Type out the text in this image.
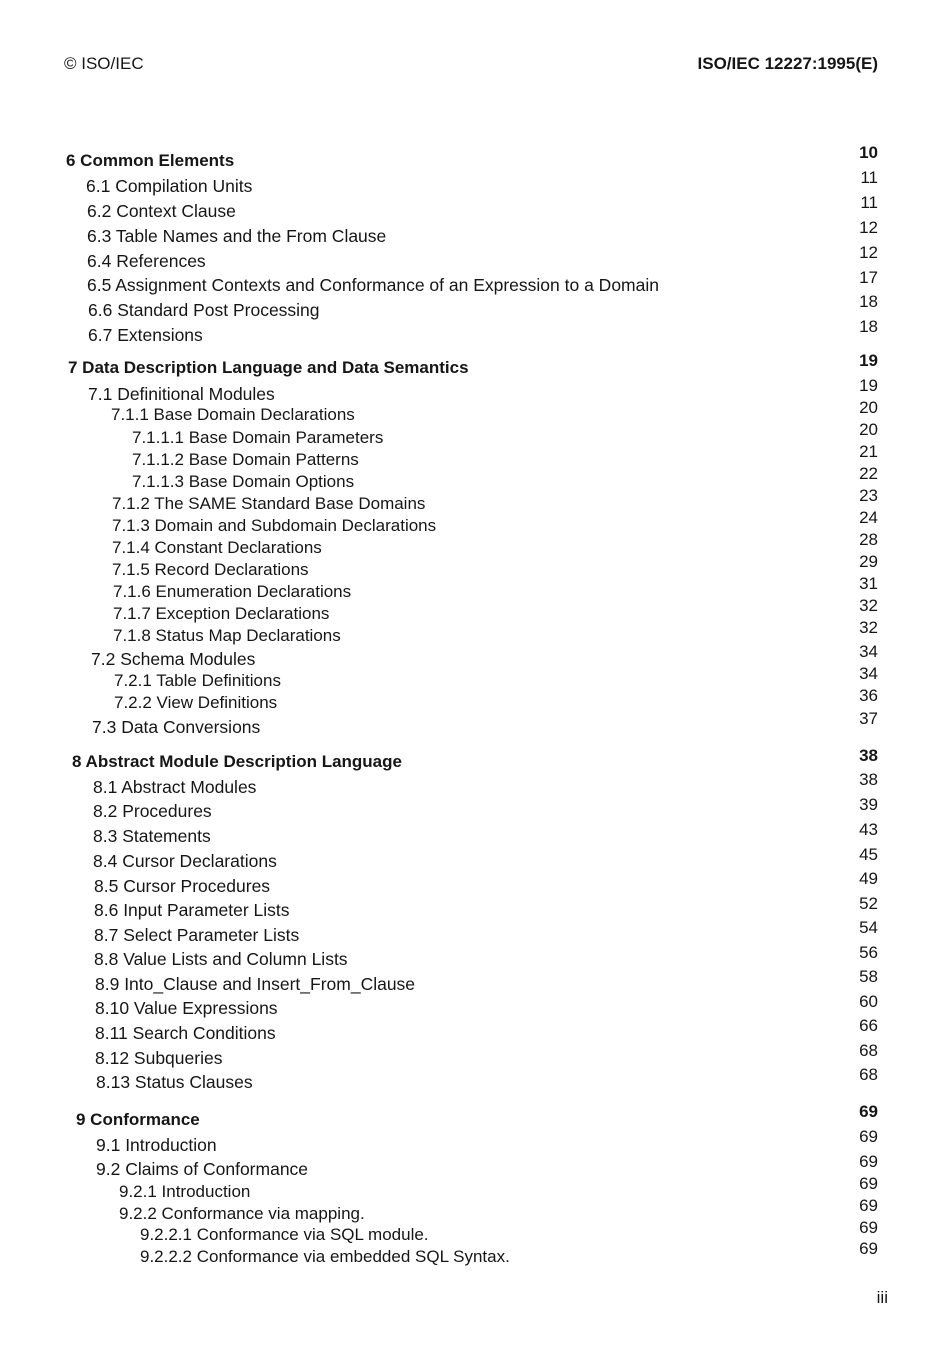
© ISO/IEC	ISO/IEC 12227:1995(E)
6 Common Elements	10
6.1 Compilation Units	11
6.2 Context Clause	11
6.3 Table Names and the From Clause	12
6.4 References	12
6.5 Assignment Contexts and Conformance of an Expression to a Domain	17
6.6 Standard Post Processing	18
6.7 Extensions	18
7 Data Description Language and Data Semantics	19
7.1 Definitional Modules	19
7.1.1 Base Domain Declarations	20
7.1.1.1 Base Domain Parameters	20
7.1.1.2 Base Domain Patterns	21
7.1.1.3 Base Domain Options	22
7.1.2 The SAME Standard Base Domains	23
7.1.3 Domain and Subdomain Declarations	24
7.1.4 Constant Declarations	28
7.1.5 Record Declarations	29
7.1.6 Enumeration Declarations	31
7.1.7 Exception Declarations	32
7.1.8 Status Map Declarations	32
7.2 Schema Modules	34
7.2.1 Table Definitions	34
7.2.2 View Definitions	36
7.3 Data Conversions	37
8 Abstract Module Description Language	38
8.1 Abstract Modules	38
8.2 Procedures	39
8.3 Statements	43
8.4 Cursor Declarations	45
8.5 Cursor Procedures	49
8.6 Input Parameter Lists	52
8.7 Select Parameter Lists	54
8.8 Value Lists and Column Lists	56
8.9 Into_Clause and Insert_From_Clause	58
8.10 Value Expressions	60
8.11 Search Conditions	66
8.12 Subqueries	68
8.13 Status Clauses	68
9 Conformance	69
9.1 Introduction	69
9.2 Claims of Conformance	69
9.2.1 Introduction	69
9.2.2 Conformance via mapping.	69
9.2.2.1 Conformance via SQL module.	69
9.2.2.2 Conformance via embedded SQL Syntax.	69
iii
